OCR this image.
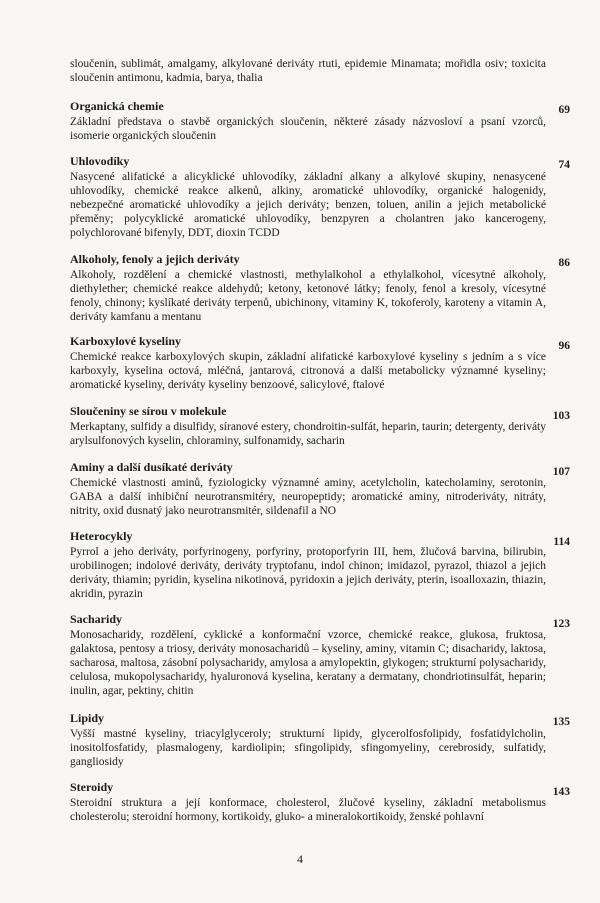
sloučenin, sublimát, amalgamy, alkylované deriváty rtuti, epidemie Minamata; mořidla osiv; toxicita sloučenin antimonu, kadmia, barya, thalia

Organická chemie

Základní představa o stavbě organických sloučenin, některé zásady názvosloví a psaní vzorců, isomerie organických sloučenin

69

Uhlovodíky

Nasycené alifatické a alicyklické uhlovodíky, základní alkany a alkylové skupiny, nenasycené uhlovodíky, chemické reakce alkenů, alkiny, aromatické uhlovodíky, organické halogenidy, nebezpečné aromatické uhlovodíky a jejich deriváty; benzen, toluen, anilin a jejich metabolické přeměny; polycyklické aromatické uhlovodíky, benzpyren a cholantren jako kancerogeny, polychlorované bifenyly, DDT, dioxin TCDD

74

Alkoholy, fenoly a jejich deriváty

Alkoholy, rozdělení a chemické vlastnosti, methylalkohol a ethylalkohol, vícesytné alkoholy, diethylether; chemické reakce aldehydů; ketony, ketonové látky; fenoly, fenol a kresoly, vícesytné fenoly, chinony; kyslíkaté deriváty terpenů, ubichinony, vitaminy K, tokoferoly, karoteny a vitamin A, deriváty kamfanu a mentanu

86

Karboxylové kyseliny

Chemické reakce karboxylových skupin, základní alifatické karboxylové kyseliny s jedním a s více karboxyly, kyselina octová, mléčná, jantarová, citronová a další metabolicky významné kyseliny; aromatické kyseliny, deriváty kyseliny benzoové, salicylové, ftalové

96

Sloučeniny se sírou v molekule

Merkaptany, sulfidy a disulfidy, síranové estery, chondroitin-sulfát, heparin, taurin; detergenty, deriváty arylsulfonových kyselin, chloraminy, sulfonamidy, sacharin

103

Aminy a další dusíkaté deriváty

Chemické vlastnosti aminů, fyziologicky významné aminy, acetylcholin, katecholaminy, serotonin, GABA a další inhibiční neurotransmitéry, neuropeptidy; aromatické aminy, nitroderiváty, nitráty, nitrity, oxid dusnatý jako neurotransmitér, sildenafil a NO

107

Heterocykly

Pyrrol a jeho deriváty, porfyrinogeny, porfyriny, protoporfyrin III, hem, žlučová barvina, bilirubin, urobilinogen; indolové deriváty, deriváty tryptofanu, indol chinon; imidazol, pyrazol, thiazol a jejich deriváty, thiamin; pyridin, kyselina nikotinová, pyridoxin a jejich deriváty, pterin, isoalloxazin, thiazin, akridin, pyrazin

114

Sacharidy

Monosacharidy, rozdělení, cyklické a konformační vzorce, chemické reakce, glukosa, fruktosa, galaktosa, pentosy a triosy, deriváty monosacharidů – kyseliny, aminy, vitamin C; disacharidy, laktosa, sacharosa, maltosa, zásobní polysacharidy, amylosa a amylopektin, glykogen; strukturní polysacharidy, celulosa, mukopolysacharidy, hyaluronová kyselina, keratany a dermatany, chondriotinsulfát, heparin; inulin, agar, pektiny, chitin

123

Lipidy

Vyšší mastné kyseliny, triacylglyceroly; strukturní lipidy, glycerolfosfolipidy, fosfatidylcholin, inositolfosfatidy, plasmalogeny, kardiolipin; sfingolipidy, sfingomyeliny, cerebrosidy, sulfatidy, gangliosidy

135

Steroidy

Steroidní struktura a její konformace, cholesterol, žlučové kyseliny, základní metabolismus cholesterolu; steroidní hormony, kortikoidy, gluko- a mineralokortikoidy, ženské pohlavní

143
4
